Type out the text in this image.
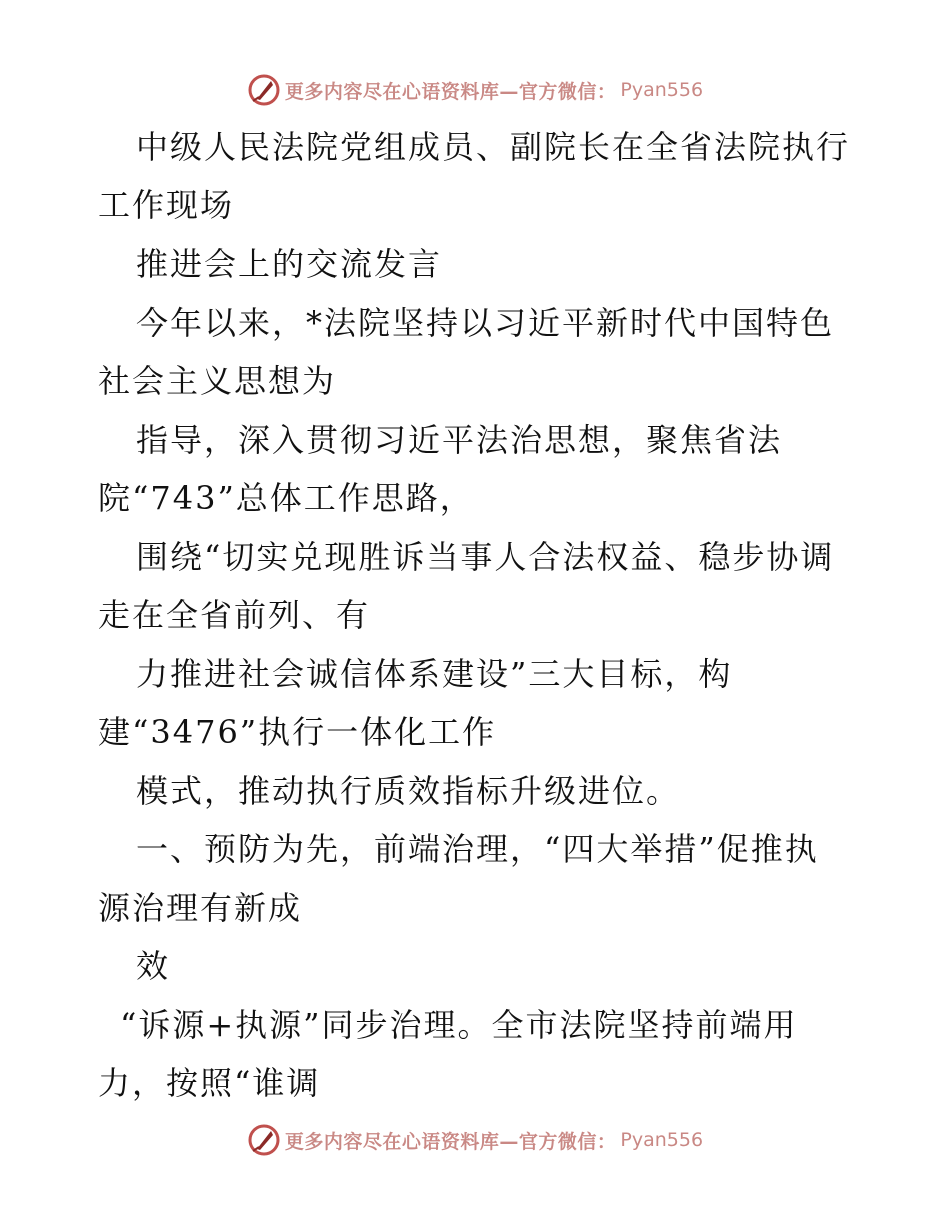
更多内容尽在心语资料库—官方微信： Pyan556
中级人民法院党组成员、副院长在全省法院执行
工作现场
推进会上的交流发言
今年以来，*法院坚持以习近平新时代中国特色
社会主义思想为
指导，深入贯彻习近平法治思想，聚焦省法
院“743”总体工作思路，
围绕“切实兑现胜诉当事人合法权益、稳步协调
走在全省前列、有
力推进社会诚信体系建设”三大目标，构
建“3476”执行一体化工作
模式，推动执行质效指标升级进位。
一、预防为先，前端治理，“四大举措”促推执
源治理有新成
效
“诉源+执源”同步治理。全市法院坚持前端用
力，按照“谁调
更多内容尽在心语资料库—官方微信： Pyan556
